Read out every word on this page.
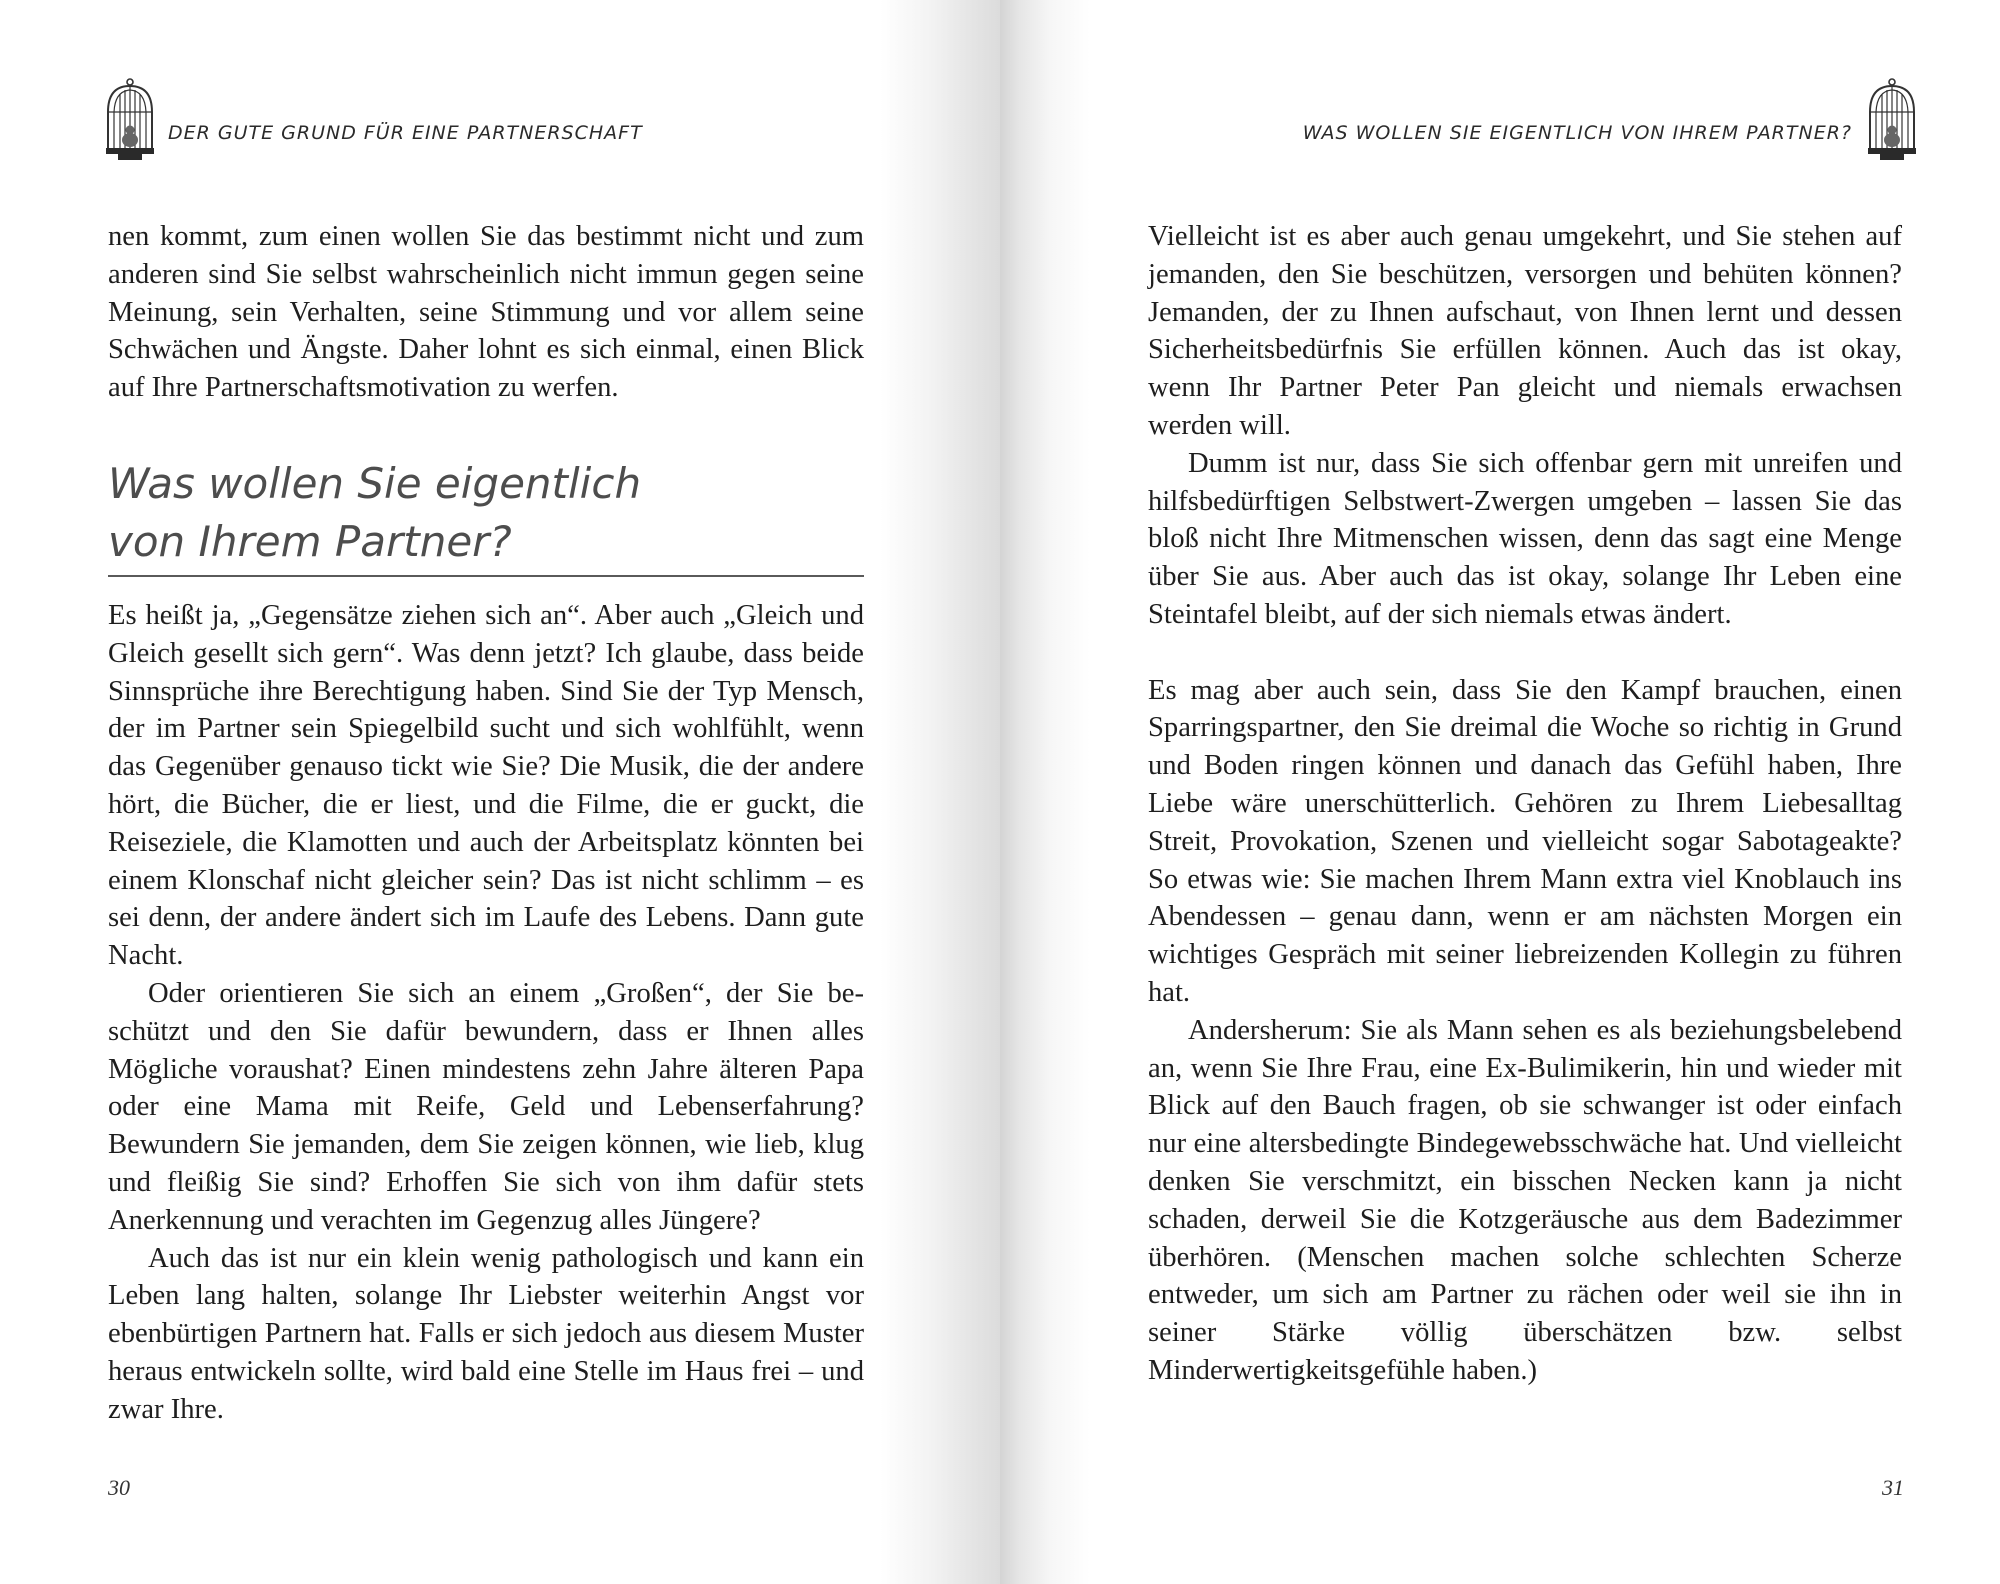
DER GUTE GRUND FÜR EINE PARTNERSCHAFT

nen kommt, zum einen wollen Sie das bestimmt nicht und zum anderen sind Sie selbst wahrscheinlich nicht immun gegen seine Meinung, sein Verhalten, seine Stimmung und vor allem seine Schwächen und Ängste. Daher lohnt es sich einmal, einen Blick auf Ihre Partnerschaftsmotivation zu werfen.

Was wollen Sie eigentlich
von Ihrem Partner?

Es heißt ja, „Gegensätze ziehen sich an“. Aber auch „Gleich und Gleich gesellt sich gern“. Was denn jetzt? Ich glaube, dass beide Sinnsprüche ihre Berechtigung haben. Sind Sie der Typ Mensch, der im Partner sein Spiegelbild sucht und sich wohlfühlt, wenn das Gegenüber genauso tickt wie Sie? Die Musik, die der andere hört, die Bücher, die er liest, und die Filme, die er guckt, die Reiseziele, die Klamotten und auch der Arbeitsplatz könnten bei einem Klonschaf nicht gleicher sein? Das ist nicht schlimm – es sei denn, der andere ändert sich im Laufe des Lebens. Dann gute Nacht.

Oder orientieren Sie sich an einem „Großen“, der Sie beschützt und den Sie dafür bewundern, dass er Ihnen alles Mögliche voraushat? Einen mindestens zehn Jahre älteren Papa oder eine Mama mit Reife, Geld und Lebenserfahrung? Bewundern Sie jemanden, dem Sie zeigen können, wie lieb, klug und fleißig Sie sind? Erhoffen Sie sich von ihm dafür stets Anerkennung und verachten im Gegenzug alles Jüngere?

Auch das ist nur ein klein wenig pathologisch und kann ein Leben lang halten, solange Ihr Liebster weiterhin Angst vor ebenbürtigen Partnern hat. Falls er sich jedoch aus diesem Muster heraus entwickeln sollte, wird bald eine Stelle im Haus frei – und zwar Ihre.

30
WAS WOLLEN SIE EIGENTLICH VON IHREM PARTNER?

Vielleicht ist es aber auch genau umgekehrt, und Sie stehen auf jemanden, den Sie beschützen, versorgen und behüten können? Jemanden, der zu Ihnen aufschaut, von Ihnen lernt und dessen Sicherheitsbedürfnis Sie erfüllen können. Auch das ist okay, wenn Ihr Partner Peter Pan gleicht und niemals erwachsen werden will.

Dumm ist nur, dass Sie sich offenbar gern mit unreifen und hilfsbedürftigen Selbstwert-Zwergen umgeben – lassen Sie das bloß nicht Ihre Mitmenschen wissen, denn das sagt eine Menge über Sie aus. Aber auch das ist okay, solange Ihr Leben eine Steintafel bleibt, auf der sich niemals etwas ändert.

Es mag aber auch sein, dass Sie den Kampf brauchen, einen Sparringspartner, den Sie dreimal die Woche so richtig in Grund und Boden ringen können und danach das Gefühl haben, Ihre Liebe wäre unerschütterlich. Gehören zu Ihrem Liebesalltag Streit, Provokation, Szenen und vielleicht sogar Sabotageakte? So etwas wie: Sie machen Ihrem Mann extra viel Knoblauch ins Abendessen – genau dann, wenn er am nächsten Morgen ein wichtiges Gespräch mit seiner liebreizenden Kollegin zu führen hat.

Andersherum: Sie als Mann sehen es als beziehungsbelebend an, wenn Sie Ihre Frau, eine Ex-Bulimikerin, hin und wieder mit Blick auf den Bauch fragen, ob sie schwanger ist oder einfach nur eine altersbedingte Bindegewebsschwäche hat. Und vielleicht denken Sie verschmitzt, ein bisschen Necken kann ja nicht schaden, derweil Sie die Kotzgeräusche aus dem Badezimmer überhören. (Menschen machen solche schlechten Scherze entweder, um sich am Partner zu rächen oder weil sie ihn in seiner Stärke völlig überschätzen bzw. selbst Minderwertigkeitsgefühle haben.)

31
